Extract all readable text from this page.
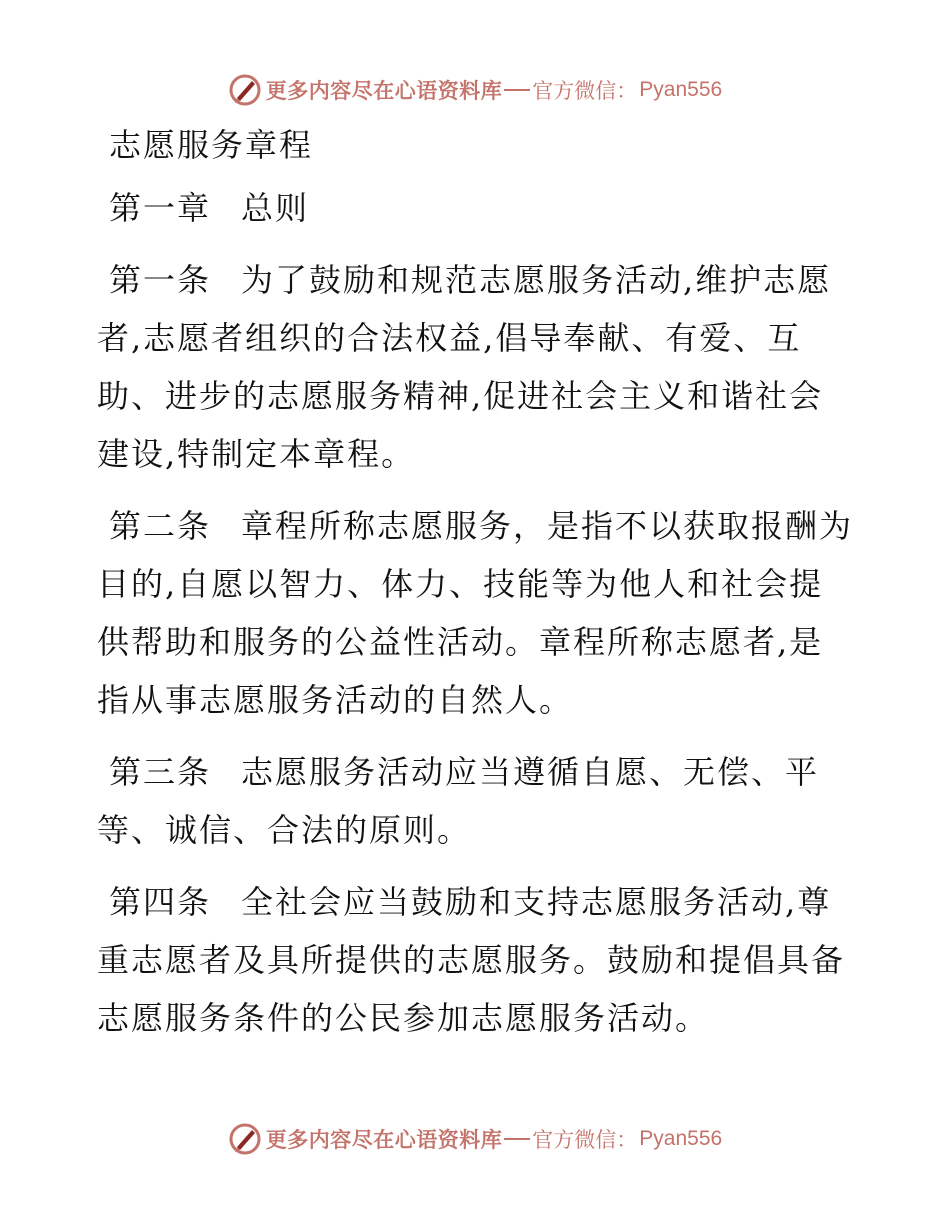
更多内容尽在心语资料库 官方微信： Pyan556
志愿服务章程
第一章 总则
第一条 为了鼓励和规范志愿服务活动,维护志愿者,志愿者组织的合法权益,倡导奉献、有爱、互助、进步的志愿服务精神,促进社会主义和谐社会建设,特制定本章程。
第二条 章程所称志愿服务，是指不以获取报酬为目的,自愿以智力、体力、技能等为他人和社会提供帮助和服务的公益性活动。章程所称志愿者,是指从事志愿服务活动的自然人。
第三条 志愿服务活动应当遵循自愿、无偿、平等、诚信、合法的原则。
第四条 全社会应当鼓励和支持志愿服务活动,尊重志愿者及具所提供的志愿服务。鼓励和提倡具备志愿服务条件的公民参加志愿服务活动。
更多内容尽在心语资料库 官方微信： Pyan556
